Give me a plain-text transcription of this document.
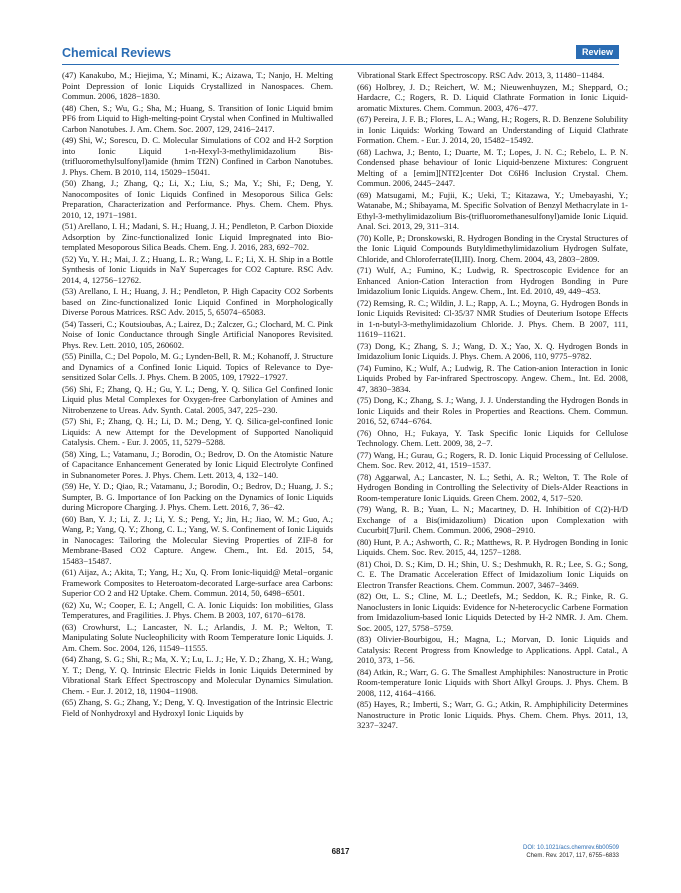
Chemical Reviews	Review

(47) Kanakubo, M.; Hiejima, Y.; Minami, K.; Aizawa, T.; Nanjo, H. Melting Point Depression of Ionic Liquids Crystallized in Nanospaces. Chem. Commun. 2006, 1828−1830.

(48) Chen, S.; Wu, G.; Sha, M.; Huang, S. Transition of Ionic Liquid bmim PF6 from Liquid to High-melting-point Crystal when Confined in Multiwalled Carbon Nanotubes. J. Am. Chem. Soc. 2007, 129, 2416−2417.

(49) Shi, W.; Sorescu, D. C. Molecular Simulations of CO2 and H-2 Sorption into Ionic Liquid 1-n-Hexyl-3-methylimidazolium Bis-(trifluoromethylsulfonyl)amide (hmim Tf2N) Confined in Carbon Nanotubes. J. Phys. Chem. B 2010, 114, 15029−15041.

(50) Zhang, J.; Zhang, Q.; Li, X.; Liu, S.; Ma, Y.; Shi, F.; Deng, Y. Nanocomposites of Ionic Liquids Confined in Mesoporous Silica Gels: Preparation, Characterization and Performance. Phys. Chem. Chem. Phys. 2010, 12, 1971−1981.

(51) Arellano, I. H.; Madani, S. H.; Huang, J. H.; Pendleton, P. Carbon Dioxide Adsorption by Zinc-functionalized Ionic Liquid Impregnated into Bio-templated Mesoporous Silica Beads. Chem. Eng. J. 2016, 283, 692−702.

(52) Yu, Y. H.; Mai, J. Z.; Huang, L. R.; Wang, L. F.; Li, X. H. Ship in a Bottle Synthesis of Ionic Liquids in NaY Supercages for CO2 Capture. RSC Adv. 2014, 4, 12756−12762.

(53) Arellano, I. H.; Huang, J. H.; Pendleton, P. High Capacity CO2 Sorbents based on Zinc-functionalized Ionic Liquid Confined in Morphologically Diverse Porous Matrices. RSC Adv. 2015, 5, 65074−65083.

(54) Tasseri, C.; Koutsioubas, A.; Lairez, D.; Zalczer, G.; Clochard, M. C. Pink Noise of Ionic Conductance through Single Artificial Nanopores Revisited. Phys. Rev. Lett. 2010, 105, 260602.

(55) Pinilla, C.; Del Popolo, M. G.; Lynden-Bell, R. M.; Kohanoff, J. Structure and Dynamics of a Confined Ionic Liquid. Topics of Relevance to Dye-sensitized Solar Cells. J. Phys. Chem. B 2005, 109, 17922−17927.

(56) Shi, F.; Zhang, Q. H.; Gu, Y. L.; Deng, Y. Q. Silica Gel Confined Ionic Liquid plus Metal Complexes for Oxygen-free Carbonylation of Amines and Nitrobenzene to Ureas. Adv. Synth. Catal. 2005, 347, 225−230.

(57) Shi, F.; Zhang, Q. H.; Li, D. M.; Deng, Y. Q. Silica-gel-confined Ionic Liquids: A new Attempt for the Development of Supported Nanoliquid Catalysis. Chem. - Eur. J. 2005, 11, 5279−5288.

(58) Xing, L.; Vatamanu, J.; Borodin, O.; Bedrov, D. On the Atomistic Nature of Capacitance Enhancement Generated by Ionic Liquid Electrolyte Confined in Subnanometer Pores. J. Phys. Chem. Lett. 2013, 4, 132−140.

(59) He, Y. D.; Qiao, R.; Vatamanu, J.; Borodin, O.; Bedrov, D.; Huang, J. S.; Sumpter, B. G. Importance of Ion Packing on the Dynamics of Ionic Liquids during Micropore Charging. J. Phys. Chem. Lett. 2016, 7, 36−42.

(60) Ban, Y. J.; Li, Z. J.; Li, Y. S.; Peng, Y.; Jin, H.; Jiao, W. M.; Guo, A.; Wang, P.; Yang, Q. Y.; Zhong, C. L.; Yang, W. S. Confinement of Ionic Liquids in Nanocages: Tailoring the Molecular Sieving Properties of ZIF-8 for Membrane-Based CO2 Capture. Angew. Chem., Int. Ed. 2015, 54, 15483−15487.

(61) Aijaz, A.; Akita, T.; Yang, H.; Xu, Q. From Ionic-liquid@ Metal−organic Framework Composites to Heteroatom-decorated Large-surface area Carbons: Superior CO 2 and H2 Uptake. Chem. Commun. 2014, 50, 6498−6501.

(62) Xu, W.; Cooper, E. I.; Angell, C. A. Ionic Liquids: Ion mobilities, Glass Temperatures, and Fragilities. J. Phys. Chem. B 2003, 107, 6170−6178.

(63) Crowhurst, L.; Lancaster, N. L.; Arlandis, J. M. P.; Welton, T. Manipulating Solute Nucleophilicity with Room Temperature Ionic Liquids. J. Am. Chem. Soc. 2004, 126, 11549−11555.

(64) Zhang, S. G.; Shi, R.; Ma, X. Y.; Lu, L. J.; He, Y. D.; Zhang, X. H.; Wang, Y. T.; Deng, Y. Q. Intrinsic Electric Fields in Ionic Liquids Determined by Vibrational Stark Effect Spectroscopy and Molecular Dynamics Simulation. Chem. - Eur. J. 2012, 18, 11904−11908.

(65) Zhang, S. G.; Zhang, Y.; Deng, Y. Q. Investigation of the Intrinsic Electric Field of Nonhydroxyl and Hydroxyl Ionic Liquids by

Vibrational Stark Effect Spectroscopy. RSC Adv. 2013, 3, 11480−11484.

(66) Holbrey, J. D.; Reichert, W. M.; Nieuwenhuyzen, M.; Sheppard, O.; Hardacre, C.; Rogers, R. D. Liquid Clathrate Formation in Ionic Liquid-aromatic Mixtures. Chem. Commun. 2003, 476−477.

(67) Pereira, J. F. B.; Flores, L. A.; Wang, H.; Rogers, R. D. Benzene Solubility in Ionic Liquids: Working Toward an Understanding of Liquid Clathrate Formation. Chem. - Eur. J. 2014, 20, 15482−15492.

(68) Lachwa, J.; Bento, I.; Duarte, M. T.; Lopes, J. N. C.; Rebelo, L. P. N. Condensed phase behaviour of Ionic Liquid-benzene Mixtures: Congruent Melting of a [emim][NTf2]center Dot C6H6 Inclusion Crystal. Chem. Commun. 2006, 2445−2447.

(69) Matsugami, M.; Fujii, K.; Ueki, T.; Kitazawa, Y.; Umebayashi, Y.; Watanabe, M.; Shibayama, M. Specific Solvation of Benzyl Methacrylate in 1-Ethyl-3-methylimidazolium Bis-(trifluoromethanesulfonyl)amide Ionic Liquid. Anal. Sci. 2013, 29, 311−314.

(70) Kolle, P.; Dronskowski, R. Hydrogen Bonding in the Crystal Structures of the Ionic Liquid Compounds Butyldimethylimidazolium Hydrogen Sulfate, Chloride, and Chloroferrate(II,III). Inorg. Chem. 2004, 43, 2803−2809.

(71) Wulf, A.; Fumino, K.; Ludwig, R. Spectroscopic Evidence for an Enhanced Anion-Cation Interaction from Hydrogen Bonding in Pure Imidazolium Ionic Liquids. Angew. Chem., Int. Ed. 2010, 49, 449−453.

(72) Remsing, R. C.; Wildin, J. L.; Rapp, A. L.; Moyna, G. Hydrogen Bonds in Ionic Liquids Revisited: Cl-35/37 NMR Studies of Deuterium Isotope Effects in 1-n-butyl-3-methylimidazolium Chloride. J. Phys. Chem. B 2007, 111, 11619−11621.

(73) Dong, K.; Zhang, S. J.; Wang, D. X.; Yao, X. Q. Hydrogen Bonds in Imidazolium Ionic Liquids. J. Phys. Chem. A 2006, 110, 9775−9782.

(74) Fumino, K.; Wulf, A.; Ludwig, R. The Cation-anion Interaction in Ionic Liquids Probed by Far-infrared Spectroscopy. Angew. Chem., Int. Ed. 2008, 47, 3830−3834.

(75) Dong, K.; Zhang, S. J.; Wang, J. J. Understanding the Hydrogen Bonds in Ionic Liquids and their Roles in Properties and Reactions. Chem. Commun. 2016, 52, 6744−6764.

(76) Ohno, H.; Fukaya, Y. Task Specific Ionic Liquids for Cellulose Technology. Chem. Lett. 2009, 38, 2−7.

(77) Wang, H.; Gurau, G.; Rogers, R. D. Ionic Liquid Processing of Cellulose. Chem. Soc. Rev. 2012, 41, 1519−1537.

(78) Aggarwal, A.; Lancaster, N. L.; Sethi, A. R.; Welton, T. The Role of Hydrogen Bonding in Controlling the Selectivity of Diels-Alder Reactions in Room-temperature Ionic Liquids. Green Chem. 2002, 4, 517−520.

(79) Wang, R. B.; Yuan, L. N.; Macartney, D. H. Inhibition of C(2)-H/D Exchange of a Bis(imidazolium) Dication upon Complexation with Cucurbit[7]uril. Chem. Commun. 2006, 2908−2910.

(80) Hunt, P. A.; Ashworth, C. R.; Matthews, R. P. Hydrogen Bonding in Ionic Liquids. Chem. Soc. Rev. 2015, 44, 1257−1288.

(81) Choi, D. S.; Kim, D. H.; Shin, U. S.; Deshmukh, R. R.; Lee, S. G.; Song, C. E. The Dramatic Acceleration Effect of Imidazolium Ionic Liquids on Electron Transfer Reactions. Chem. Commun. 2007, 3467−3469.

(82) Ott, L. S.; Cline, M. L.; Deetlefs, M.; Seddon, K. R.; Finke, R. G. Nanoclusters in Ionic Liquids: Evidence for N-heterocyclic Carbene Formation from Imidazolium-based Ionic Liquids Detected by H-2 NMR. J. Am. Chem. Soc. 2005, 127, 5758−5759.

(83) Olivier-Bourbigou, H.; Magna, L.; Morvan, D. Ionic Liquids and Catalysis: Recent Progress from Knowledge to Applications. Appl. Catal., A 2010, 373, 1−56.

(84) Atkin, R.; Warr, G. G. The Smallest Amphiphiles: Nanostructure in Protic Room-temperature Ionic Liquids with Short Alkyl Groups. J. Phys. Chem. B 2008, 112, 4164−4166.

(85) Hayes, R.; Imberti, S.; Warr, G. G.; Atkin, R. Amphiphilicity Determines Nanostructure in Protic Ionic Liquids. Phys. Chem. Chem. Phys. 2011, 13, 3237−3247.

6817	DOI: 10.1021/acs.chemrev.6b00509
Chem. Rev. 2017, 117, 6755−6833
